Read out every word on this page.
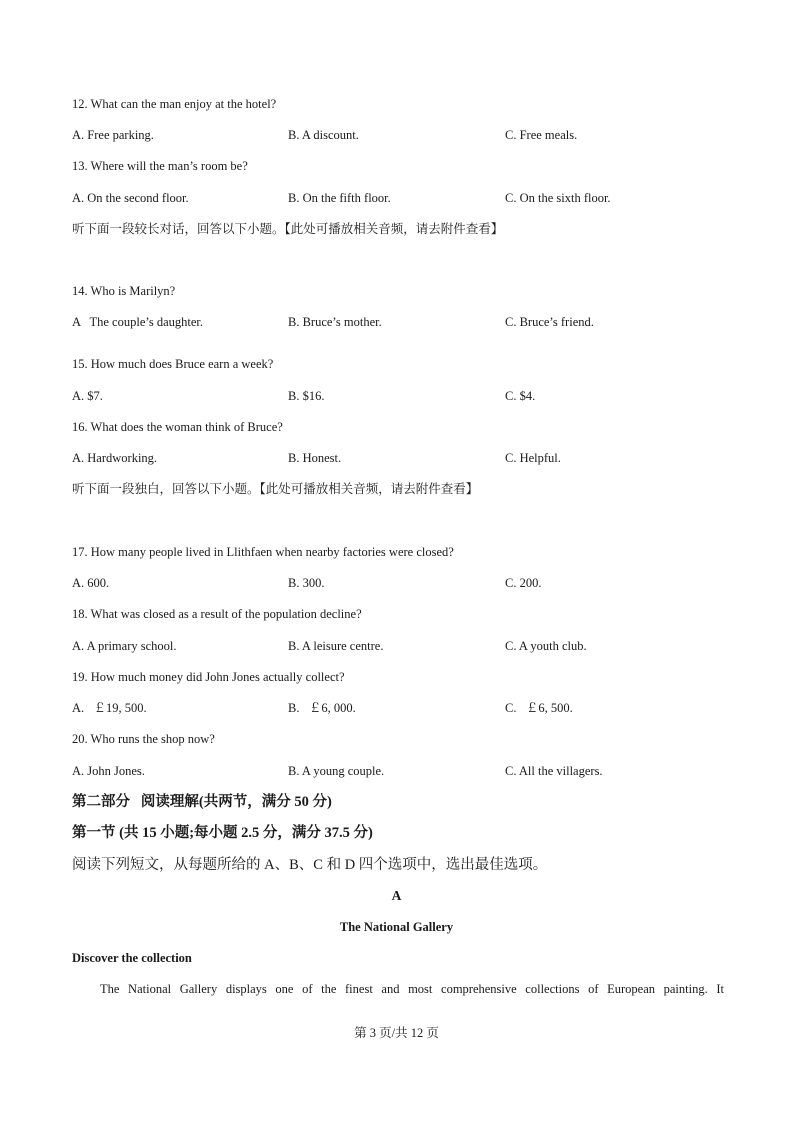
12. What can the man enjoy at the hotel?
A. Free parking.	B. A discount.	C. Free meals.
13. Where will the man’s room be?
A. On the second floor.	B. On the fifth floor.	C. On the sixth floor.
听下面一段较长对话，回答以下小题。【此处可播放相关音频，请去附件查看】
14. Who is Marilyn?
A   The couple’s daughter.	B. Bruce’s mother.	C. Bruce’s friend.
15. How much does Bruce earn a week?
A. $7.	B. $16.	C. $4.
16. What does the woman think of Bruce?
A. Hardworking.	B. Honest.	C. Helpful.
听下面一段独白，回答以下小题。【此处可播放相关音频，请去附件查看】
17. How many people lived in Llithfaen when nearby factories were closed?
A. 600.	B. 300.	C. 200.
18. What was closed as a result of the population decline?
A. A primary school.	B. A leisure centre.	C. A youth club.
19. How much money did John Jones actually collect?
A.   ￡19, 500.	B.   ￡6, 000.	C.   ￡6, 500.
20. Who runs the shop now?
A. John Jones.	B. A young couple.	C. All the villagers.
第二部分   阅读理解(共两节，满分 50 分)
第一节 (共 15 小题;每小题 2.5 分，满分 37.5 分)
阅读下列短文，从每题所给的 A、B、C 和 D 四个选项中，选出最佳选项。
A
The National Gallery
Discover the collection
The National Gallery displays one of the finest and most comprehensive collections of European painting. It
第 3 页/共 12 页
